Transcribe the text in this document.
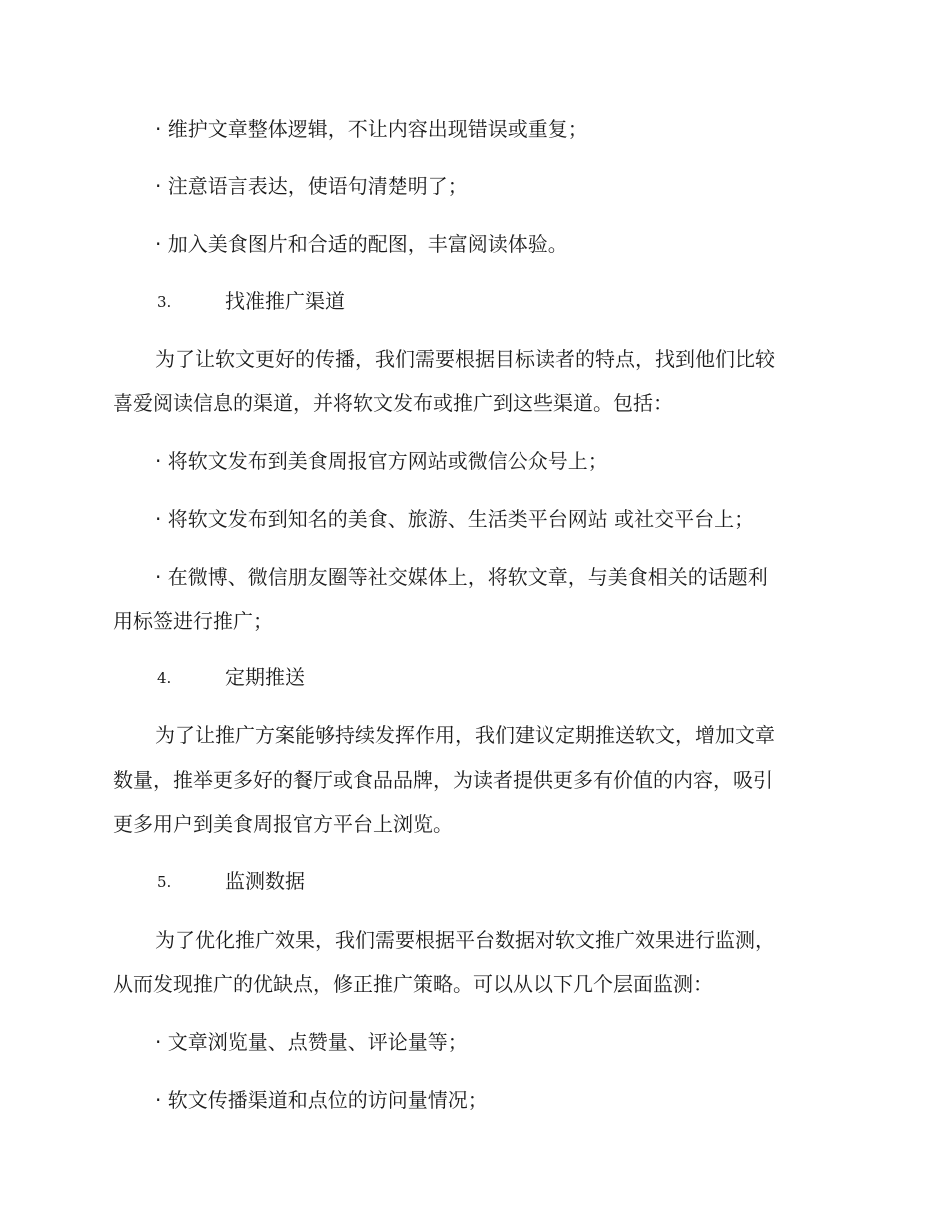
· 维护文章整体逻辑，不让内容出现错误或重复；
· 注意语言表达，使语句清楚明了；
· 加入美食图片和合适的配图，丰富阅读体验。
3.	找准推广渠道
为了让软文更好的传播，我们需要根据目标读者的特点，找到他们比较
喜爱阅读信息的渠道，并将软文发布或推广到这些渠道。包括：
· 将软文发布到美食周报官方网站或微信公众号上；
· 将软文发布到知名的美食、旅游、生活类平台网站 或社交平台上；
· 在微博、微信朋友圈等社交媒体上，将软文章，与美食相关的话题利
用标签进行推广；
4.	定期推送
为了让推广方案能够持续发挥作用，我们建议定期推送软文，增加文章
数量，推举更多好的餐厅或食品品牌，为读者提供更多有价值的内容，吸引
更多用户到美食周报官方平台上浏览。
5.	监测数据
为了优化推广效果，我们需要根据平台数据对软文推广效果进行监测，
从而发现推广的优缺点，修正推广策略。可以从以下几个层面监测：
· 文章浏览量、点赞量、评论量等；
· 软文传播渠道和点位的访问量情况；
